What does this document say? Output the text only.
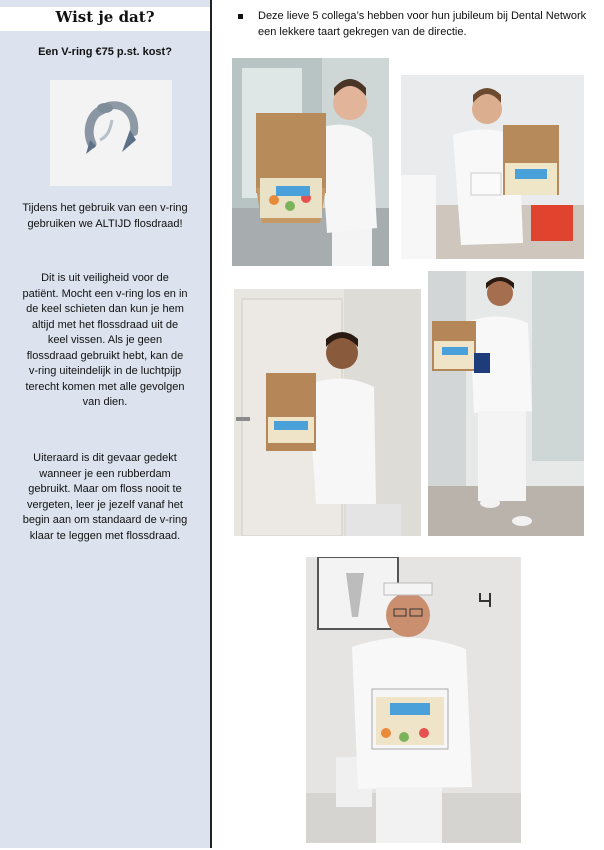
Wist je dat?
Een V-ring €75 p.st. kost?
Tijdens het gebruik van een v-ring gebruiken we ALTIJD flosdraad!
Dit is uit veiligheid voor de patiënt. Mocht een v-ring los en in de keel schieten dan kun je hem altijd met het flossdraad uit de keel vissen. Als je geen flossdraad gebruikt hebt, kan de v-ring uiteindelijk in de luchtpijp terecht komen met alle gevolgen van dien.
Uiteraard is dit gevaar gedekt wanneer je een rubberdam gebruikt. Maar om floss nooit te vergeten, leer je jezelf vanaf het begin aan om standaard de v-ring klaar te leggen met flossdraad.
Deze lieve 5 collega’s hebben voor hun jubileum bij Dental Network een lekkere taart gekregen van de directie.
